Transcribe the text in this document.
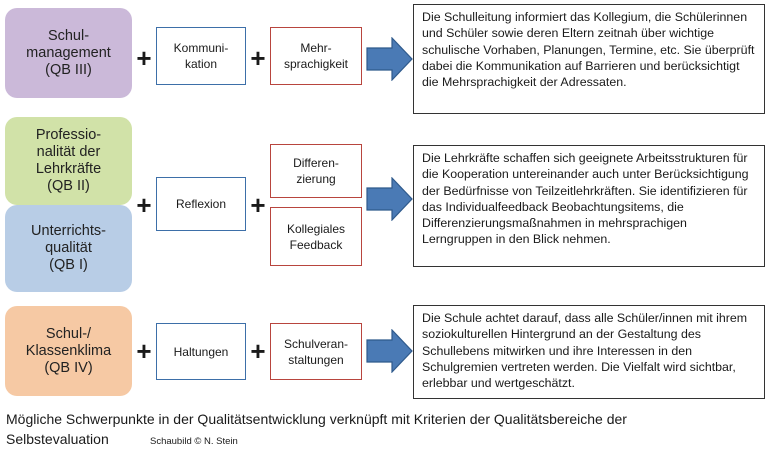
Schul-
management
(QB III)	+	Kommuni-
kation	+	Mehr-
sprachigkeit
Die Schulleitung informiert das Kollegium, die Schülerinnen und Schüler sowie deren Eltern zeitnah über wichtige schulische Vorhaben, Planungen, Termine, etc. Sie überprüft dabei die Kommunikation auf Barrieren und berücksichtigt die Mehrsprachigkeit der Adressaten.
Professio-
nalität der
Lehrkräfte
(QB II)
Unterrichts-
qualität
(QB I)
+	Reflexion +
Differen-
zierung
Kollegiales
Feedback
Die Lehrkräfte schaffen sich geeignete Arbeitsstrukturen für die Kooperation untereinander auch unter Berücksichtigung der Bedürfnisse von Teilzeitlehrkräften. Sie identifizieren für das Individualfeedback Beobachtungsitems, die Differenzierungsmaßnahmen in mehrsprachigen Lerngruppen in den Blick nehmen.
Schul-/
Klassenklima
(QB IV)
+	Haltungen +	Schulveran-
staltungen
Die Schule achtet darauf, dass alle Schüler/innen mit ihrem soziokulturellen Hintergrund an der Gestaltung des Schullebens mitwirken und ihre Interessen in den Schulgremien vertreten werden. Die Vielfalt wird sichtbar, erlebbar und wertgeschätzt.
Mögliche Schwerpunkte in der Qualitätsentwicklung verknüpft mit Kriterien der Qualitätsbereiche der
Selbstevaluation	Schaubild © N. Stein
